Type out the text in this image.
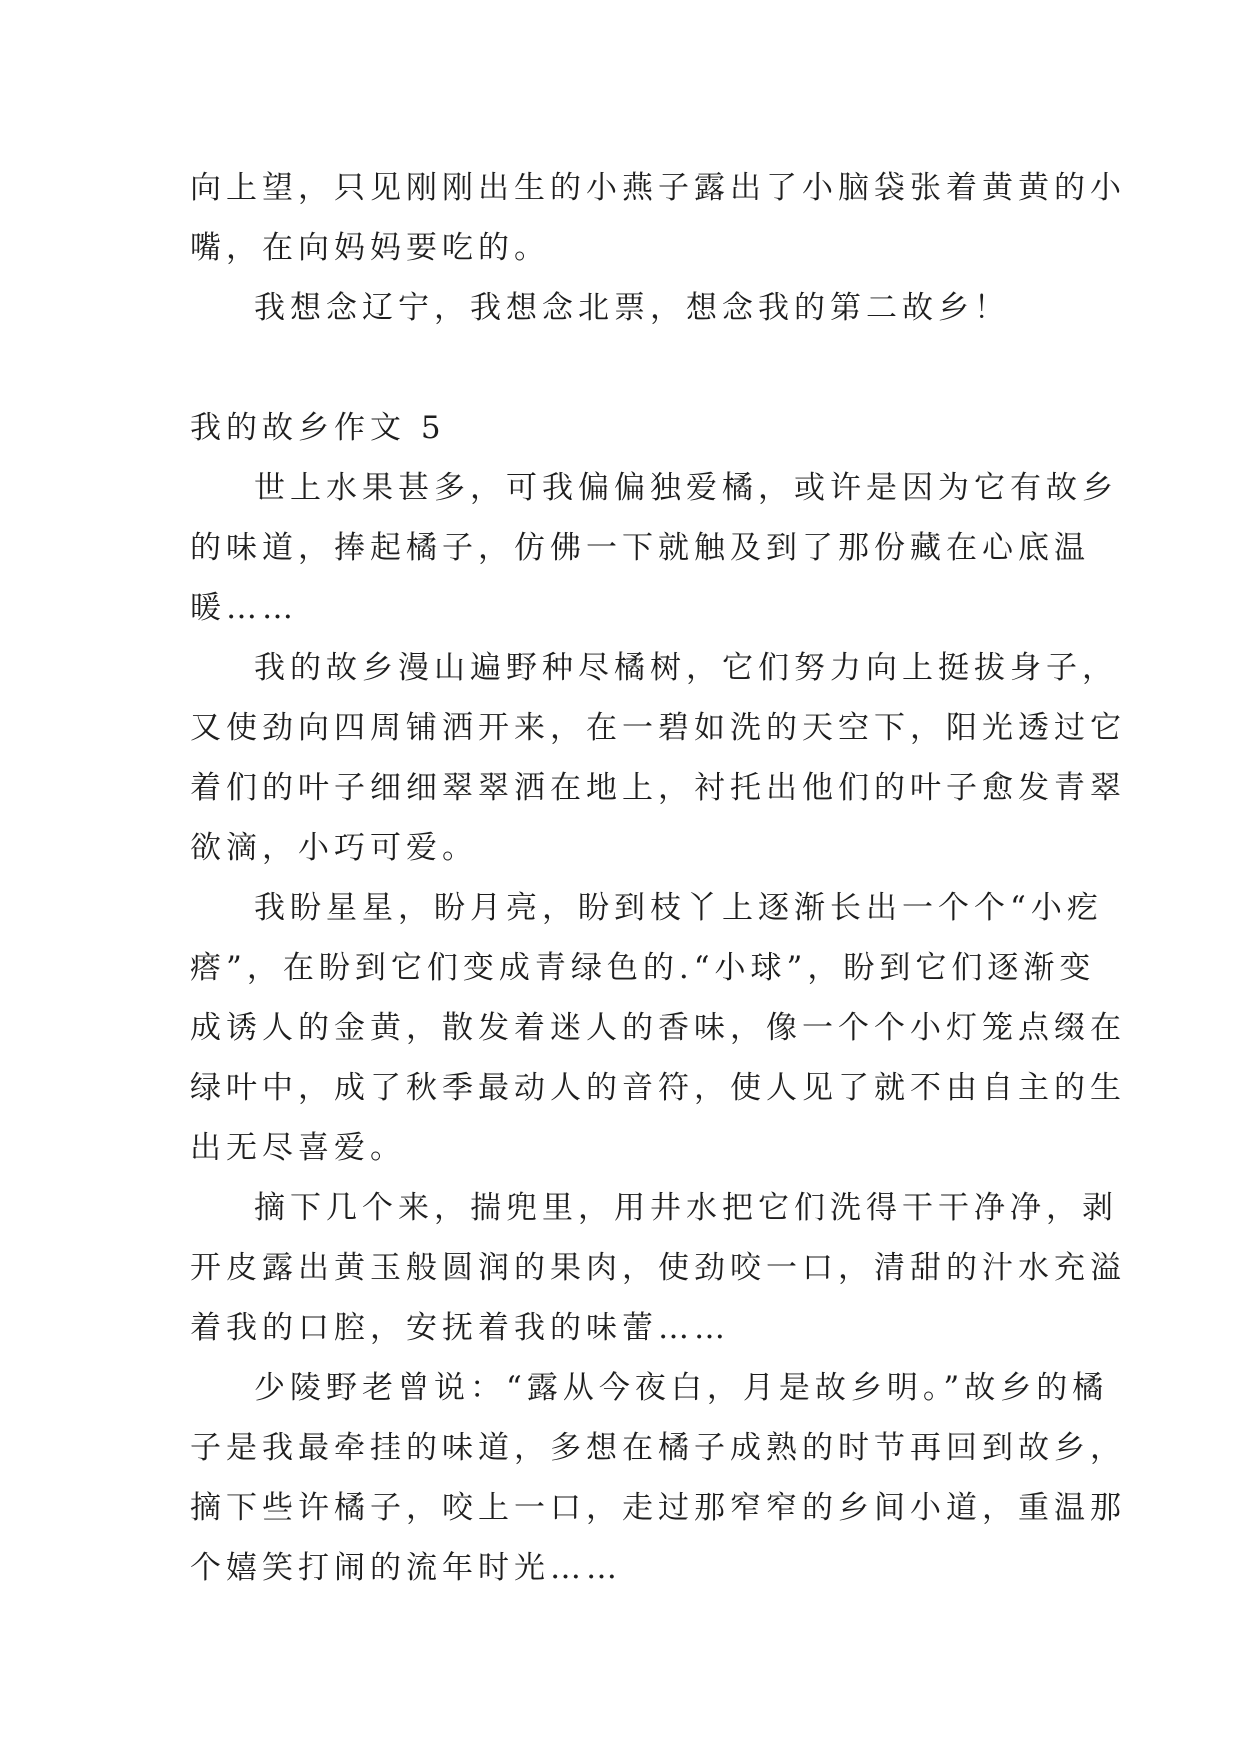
向上望，只见刚刚出生的小燕子露出了小脑袋张着黄黄的小
嘴，在向妈妈要吃的。
我想念辽宁，我想念北票，想念我的第二故乡！
我的故乡作文 5
世上水果甚多，可我偏偏独爱橘，或许是因为它有故乡
的味道，捧起橘子，仿佛一下就触及到了那份藏在心底温
暖……
我的故乡漫山遍野种尽橘树，它们努力向上挺拔身子，
又使劲向四周铺洒开来，在一碧如洗的天空下，阳光透过它
着们的叶子细细翠翠洒在地上，衬托出他们的叶子愈发青翠
欲滴，小巧可爱。
我盼星星，盼月亮，盼到枝丫上逐渐长出一个个“小疙
瘩”，在盼到它们变成青绿色的.“小球”，盼到它们逐渐变
成诱人的金黄，散发着迷人的香味，像一个个小灯笼点缀在
绿叶中，成了秋季最动人的音符，使人见了就不由自主的生
出无尽喜爱。
摘下几个来，揣兜里，用井水把它们洗得干干净净，剥
开皮露出黄玉般圆润的果肉，使劲咬一口，清甜的汁水充溢
着我的口腔，安抚着我的味蕾……
少陵野老曾说：“露从今夜白，月是故乡明。”故乡的橘
子是我最牵挂的味道，多想在橘子成熟的时节再回到故乡，
摘下些许橘子，咬上一口，走过那窄窄的乡间小道，重温那
个嬉笑打闹的流年时光……
